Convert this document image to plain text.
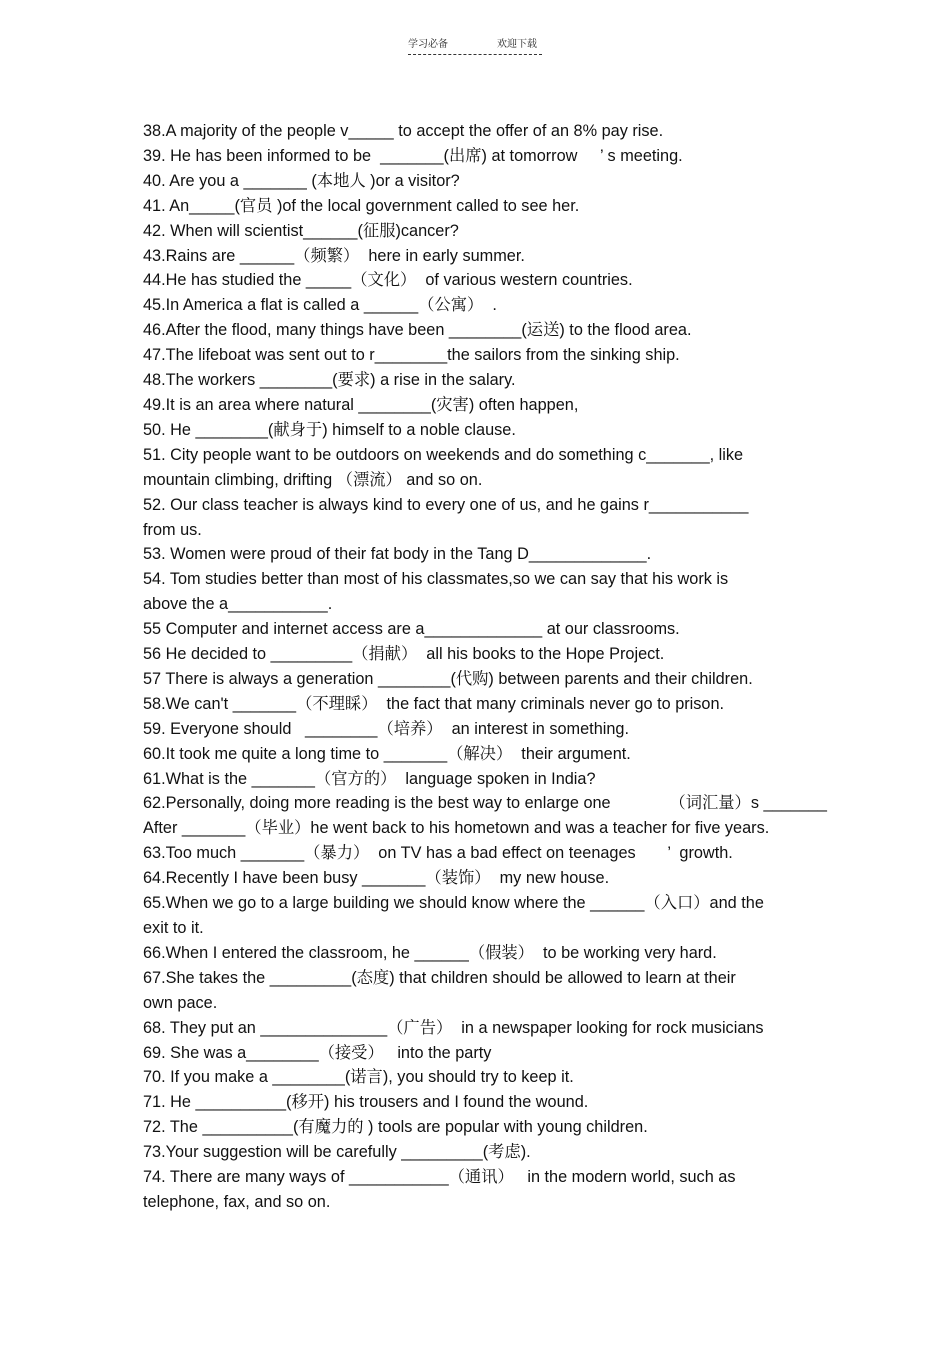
学习必备	欢迎下载
38.A majority of the people v_____ to accept the offer of an 8% pay rise.
39. He has been informed to be  _______(出席) at tomorrow     ’ s meeting.
40. Are you a _______ (本地人 )or a visitor?
41. An_____(官员 )of the local government called to see her.
42. When will scientist______(征服)cancer?
43.Rains are ______（频繁）  here in early summer.
44.He has studied the _____（文化）  of various western countries.
45.In America a flat is called a ______（公寓）  .
46.After the flood, many things have been ________(运送) to the flood area.
47.The lifeboat was sent out to r________the sailors from the sinking ship.
48.The workers ________(要求) a rise in the salary.
49.It is an area where natural ________(灾害) often happen,
50. He ________(献身于) himself to a noble clause.
51. City people want to be outdoors on weekends and do something c_______, like
mountain climbing, drifting （漂流） and so on.
52. Our class teacher is always kind to every one of us, and he gains r___________
from us.
53. Women were proud of their fat body in the Tang D_____________.
54. Tom studies better than most of his classmates,so we can say that his work is
above the a___________.
55 Computer and internet access are a_____________ at our classrooms.
56 He decided to _________（捐献）  all his books to the Hope Project.
57 There is always a generation ________(代购) between parents and their children.
58.We can't _______（不理睬）  the fact that many criminals never go to prison.
59. Everyone should   ________（培养）  an interest in something.
60.It took me quite a long time to _______（解决）  their argument.
61.What is the _______（官方的）  language spoken in India?
62.Personally, doing more reading is the best way to enlarge one             （词汇量）s _______
After _______（毕业）he went back to his hometown and was a teacher for five years.
63.Too much _______（暴力）  on TV has a bad effect on teenages       ’  growth.
64.Recently I have been busy _______（装饰）  my new house.
65.When we go to a large building we should know where the ______（入口）and the
exit to it.
66.When I entered the classroom, he ______（假装）  to be working very hard.
67.She takes the _________(态度) that children should be allowed to learn at their
own pace.
68. They put an ______________（广告）  in a newspaper looking for rock musicians
69. She was a________（接受）   into the party
70. If you make a ________(诺言), you should try to keep it.
71. He __________(移开) his trousers and I found the wound.
72. The __________(有魔力的 ) tools are popular with young children.
73.Your suggestion will be carefully _________(考虑).
74. There are many ways of ___________（通讯）   in the modern world, such as
telephone, fax, and so on.
